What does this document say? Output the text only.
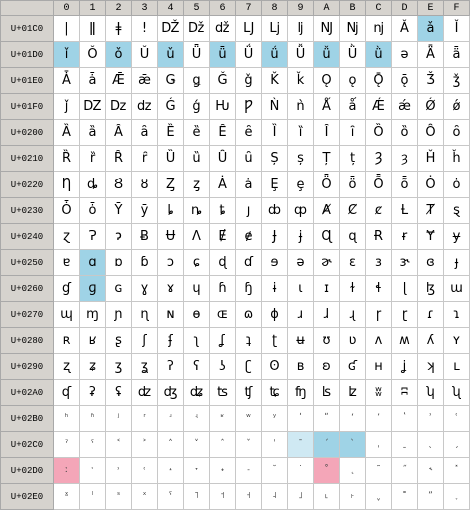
	0	1	2	3	4	5	6	7	8	9	A	B	C	D	E	F
U+01C0	|	ǁ	ǂ	!	Ǆ	ǅ	ǆ	Ǉ	ǈ	ǉ	Ǌ	ǋ	ǌ	Ǎ	ǎ	Ǐ
U+01D0	ǐ	Ǒ	ǒ	Ǔ	ǔ	Ǖ	ǖ	Ǘ	ǘ	Ǚ	ǚ	Ǜ	ǜ	ǝ	Ǟ	ǟ
U+01E0	Ǡ	ǡ	Ǣ	ǣ	Ǥ	ǥ	Ǧ	ǧ	Ǩ	ǩ	Ǫ	ǫ	Ǭ	ǭ	Ǯ	ǯ
U+01F0	ǰ	Ǳ	ǲ	ǳ	Ǵ	ǵ	Ƕ	Ƿ	Ǹ	ǹ	Ǻ	ǻ	Ǽ	ǽ	Ǿ	ǿ
U+0200	Ȁ	ȁ	Ȃ	ȃ	Ȅ	ȅ	Ȇ	ȇ	Ȉ	ȉ	Ȋ	ȋ	Ȍ	ȍ	Ȏ	ȏ
U+0210	Ȑ	ȑ	Ȓ	ȓ	Ȕ	ȕ	Ȗ	ȗ	Ș	ș	Ț	ț	Ȝ	ȝ	Ȟ	ȟ
U+0220	Ƞ	ȡ	Ȣ	ȣ	Ȥ	ȥ	Ȧ	ȧ	Ȩ	ȩ	Ȫ	ȫ	Ȭ	ȭ	Ȯ	ȯ
U+0230	Ȱ	ȱ	Ȳ	ȳ	ȴ	ȵ	ȶ	ȷ	ȸ	ȹ	Ⱥ	Ȼ	ȼ	Ƚ	Ⱦ	ȿ
U+0240	ɀ	Ɂ	ɂ	Ƀ	Ʉ	Ʌ	Ɇ	ɇ	Ɉ	ɉ	Ɋ	ɋ	Ɍ	ɍ	Ɏ	ɏ
U+0250	ɐ	ɑ	ɒ	ɓ	ɔ	ɕ	ɖ	ɗ	ɘ	ə	ɚ	ɛ	ɜ	ɝ	ɞ	ɟ
U+0260	ɠ	ɡ	ɢ	ɣ	ɤ	ɥ	ɦ	ɧ	ɨ	ɩ	ɪ	ɫ	ɬ	ɭ	ɮ	ɯ
U+0270	ɰ	ɱ	ɲ	ɳ	ɴ	ɵ	ɶ	ɷ	ɸ	ɹ	ɺ	ɻ	ɼ	ɽ	ɾ	ɿ
U+0280	ʀ	ʁ	ʂ	ʃ	ʄ	ʅ	ʆ	ʇ	ʈ	ʉ	ʊ	ʋ	ʌ	ʍ	ʎ	ʏ
U+0290	ʐ	ʑ	ʒ	ʓ	ʔ	ʕ	ʖ	ʗ	ʘ	ʙ	ʚ	ʛ	ʜ	ʝ	ʞ	ʟ
U+02A0	ʠ	ʡ	ʢ	ʣ	ʤ	ʥ	ʦ	ʧ	ʨ	ʩ	ʪ	ʫ	ʬ	ʭ	ʮ	ʯ
U+02B0	ʰ	ʱ	ʲ	ʳ	ʴ	ʵ	ʶ	ʷ	ʸ	ʹ	ʺ	ʻ	ʼ	ʽ	ʾ	ʿ
U+02C0	ˀ	ˁ	˂	˃	˄	˅	ˆ	ˇ	ˈ	ˉ	ˊ	ˋ	ˌ	ˍ	ˎ	ˏ
U+02D0	ː	ˑ	˒	˓	˔	˕	˖	˗	˘	˙	˚	˛	˜	˝	˞	˟
U+02E0	ˠ	ˡ	ˢ	ˣ	ˤ	˥	˦	˧	˨	˩	˪	˫	ˬ	˭	ˮ	˯
